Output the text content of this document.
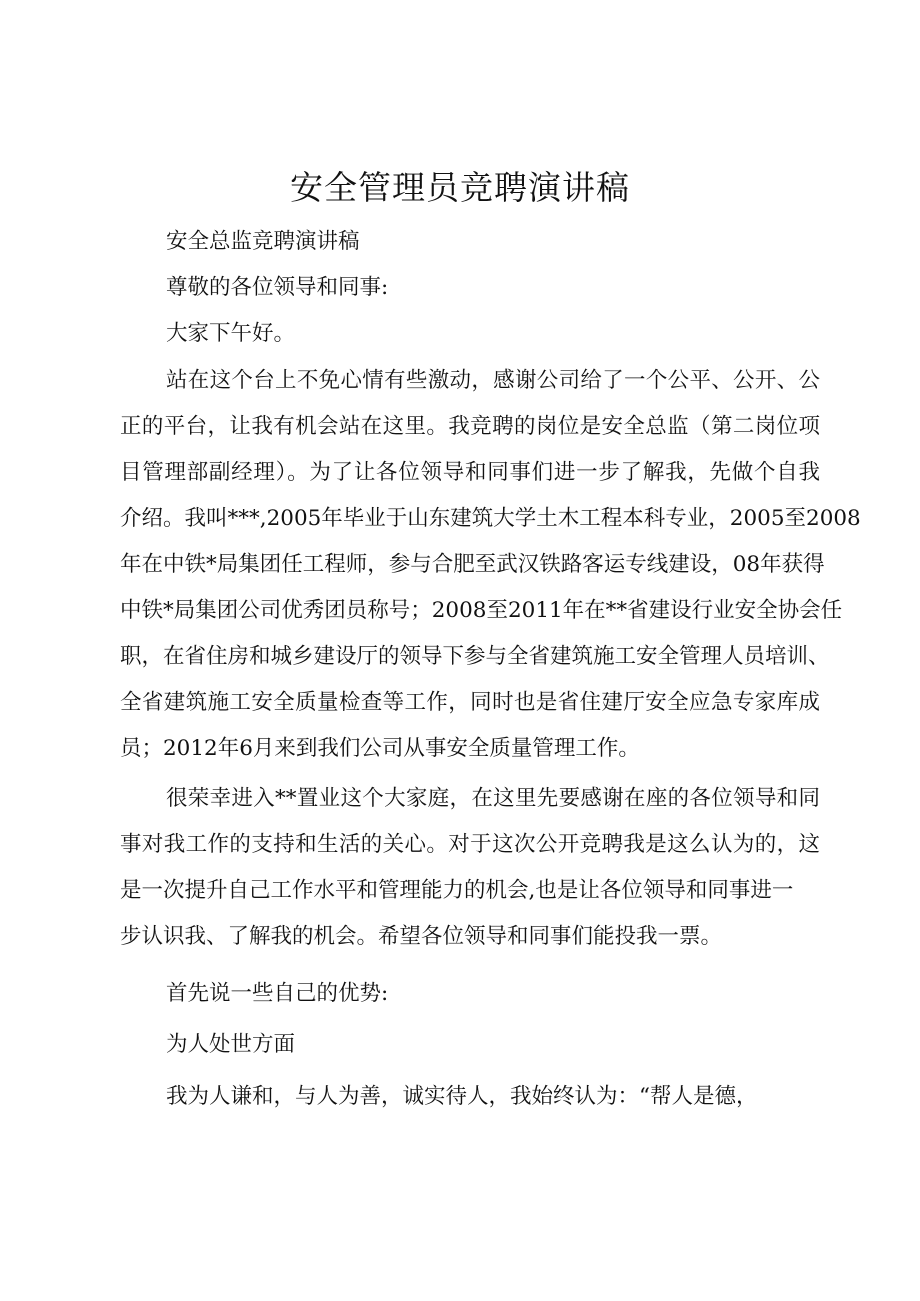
安全管理员竞聘演讲稿

安全总监竞聘演讲稿

尊敬的各位领导和同事:

大家下午好。

站在这个台上不免心情有些激动，感谢公司给了一个公平、公开、公

正的平台，让我有机会站在这里。我竞聘的岗位是安全总监（第二岗位项

目管理部副经理）。为了让各位领导和同事们进一步了解我，先做个自我

介绍。我叫***,2005年毕业于山东建筑大学土木工程本科专业，2005至2008

年在中铁*局集团任工程师，参与合肥至武汉铁路客运专线建设，08年获得

中铁*局集团公司优秀团员称号；2008至2011年在**省建设行业安全协会任

职，在省住房和城乡建设厅的领导下参与全省建筑施工安全管理人员培训、

全省建筑施工安全质量检查等工作，同时也是省住建厅安全应急专家库成

员；2012年6月来到我们公司从事安全质量管理工作。

很荣幸进入**置业这个大家庭，在这里先要感谢在座的各位领导和同

事对我工作的支持和生活的关心。对于这次公开竞聘我是这么认为的，这

是一次提升自己工作水平和管理能力的机会,也是让各位领导和同事进一

步认识我、了解我的机会。希望各位领导和同事们能投我一票。

首先说一些自己的优势:

为人处世方面

我为人谦和，与人为善，诚实待人，我始终认为：“帮人是德，
